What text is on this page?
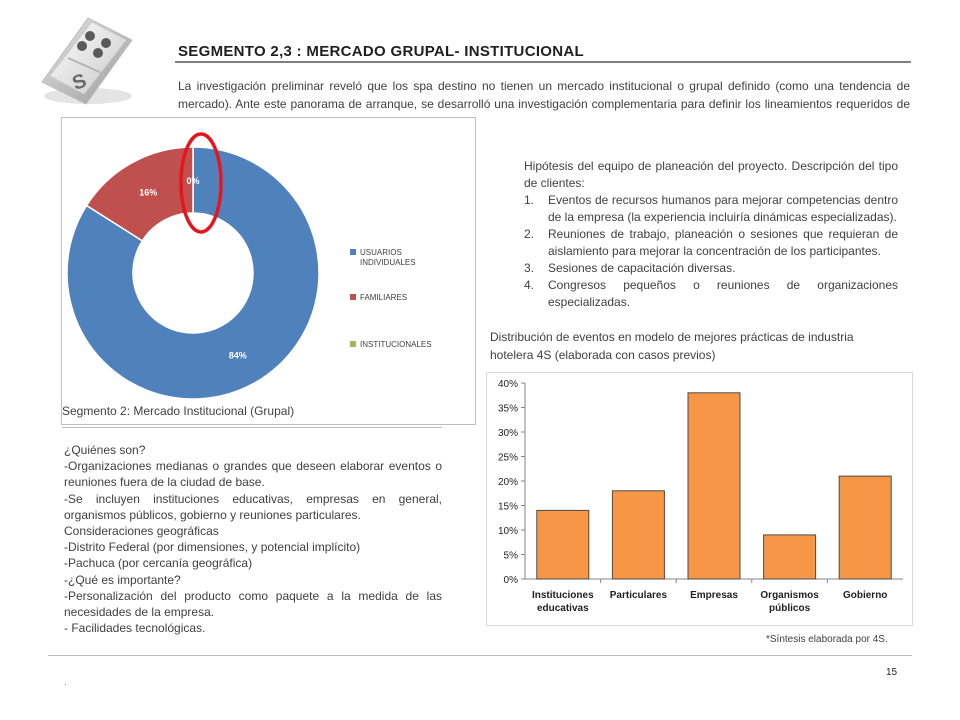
S
SEGMENTO 2,3 : MERCADO GRUPAL- INSTITUCIONAL
La investigación preliminar reveló que los spa destino no tienen un mercado institucional o grupal definido (como una tendencia de mercado). Ante este panorama de arranque, se desarrolló una investigación complementaria para definir los lineamientos requeridos de
84%
16%
0%
USUARIOS INDIVIDUALES
FAMILIARES
INSTITUCIONALES
Segmento 2: Mercado Institucional (Grupal)
Hipótesis del equipo de planeación del proyecto. Descripción del tipo de clientes:
1. Eventos de recursos humanos para mejorar competencias dentro de la empresa (la experiencia incluiría dinámicas especializadas).
2. Reuniones de trabajo, planeación o sesiones que requieran de aislamiento para mejorar la concentración de los participantes.
3. Sesiones de capacitación diversas.
4. Congresos pequeños o reuniones de organizaciones especializadas.
Distribución de eventos en modelo de mejores prácticas de industria hotelera 4S (elaborada con casos previos)
0%
5%
10%
15%
20%
25%
30%
35%
40%
Instituciones educativas
Particulares Empresas Organismos públicos
Gobierno
*Síntesis elaborada por 4S.

¿Quiénes son?

-Organizaciones medianas o grandes que deseen elaborar eventos o reuniones fuera de la ciudad de base.

-Se incluyen instituciones educativas, empresas en general, organismos públicos, gobierno y reuniones particulares.

Consideraciones geográficas

-Distrito Federal (por dimensiones, y potencial implícito)

-Pachuca (por cercanía geográfica)

-¿Qué es importante?

-Personalización del producto como paquete a la medida de las necesidades de la empresa.

- Facilidades tecnológicas.

15
.
